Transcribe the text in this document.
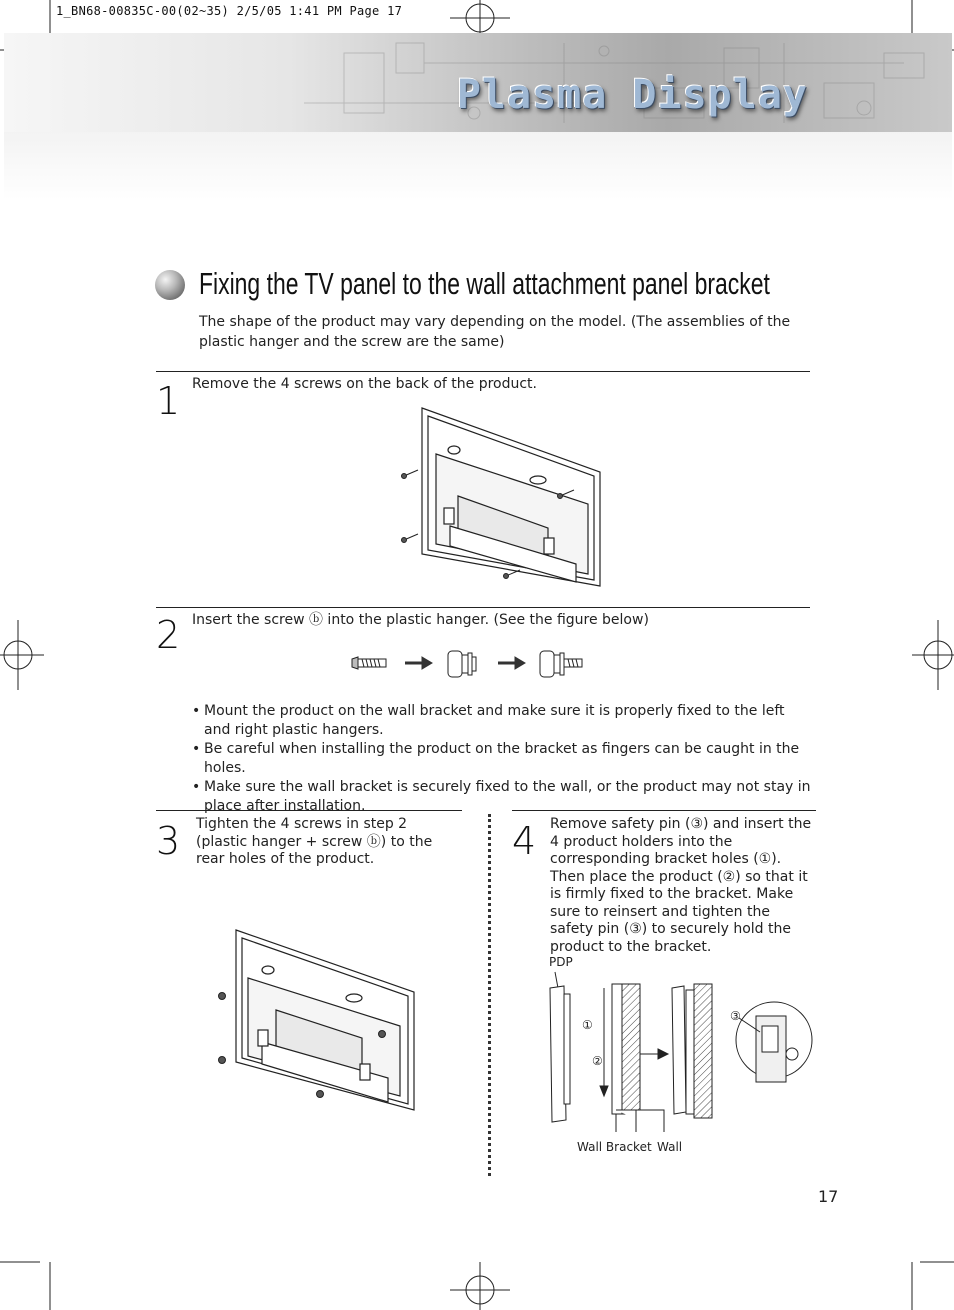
1_BN68-00835C-00(02~35) 2/5/05 1:41 PM Page 17
Plasma Display
Fixing the TV panel to the wall attachment panel bracket
The shape of the product may vary depending on the model. (The assemblies of the plastic hanger and the screw are the same)
1 Remove the 4 screws on the back of the product.
2 Insert the screw ⓑ into the plastic hanger. (See the figure below)
• Mount the product on the wall bracket and make sure it is properly fixed to the left and right plastic hangers.
• Be careful when installing the product on the bracket as fingers can be caught in the holes.
• Make sure the wall bracket is securely fixed to the wall, or the product may not stay in place after installation.
3 Tighten the 4 screws in step 2 (plastic hanger + screw ⓑ) to the rear holes of the product.	4 Remove safety pin (③) and insert the 4 product holders into the corresponding bracket holes (①). Then place the product (②) so that it is firmly fixed to the bracket. Make sure to reinsert and tighten the safety pin (③) to securely hold the product to the bracket.
PDP
①
②
③
Wall Bracket Wall
17
